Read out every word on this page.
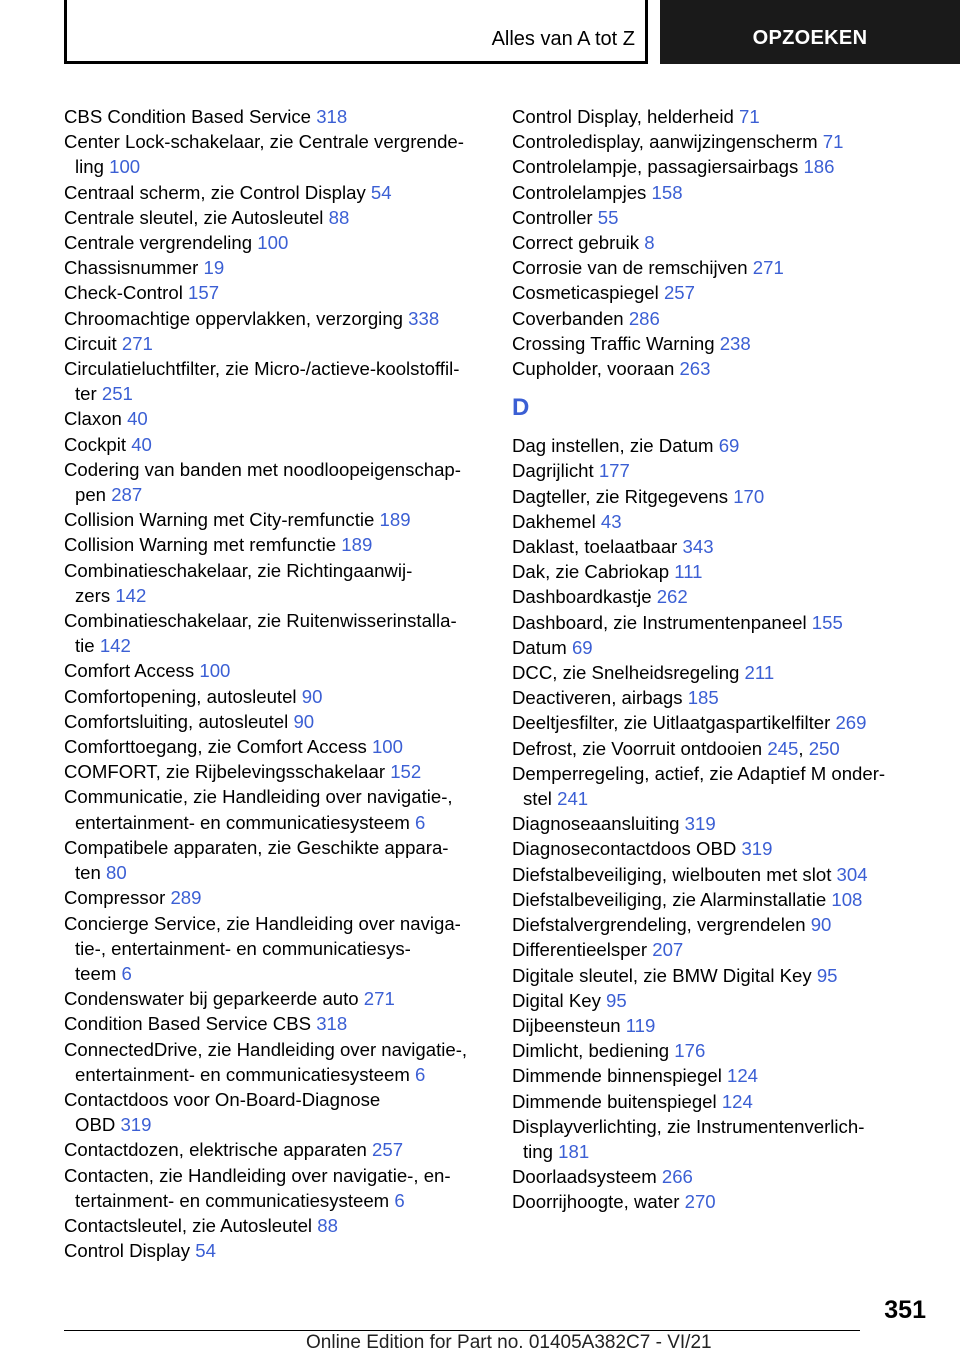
Alles van A tot Z	OPZOEKEN
CBS Condition Based Service 318
Center Lock-schakelaar, zie Centrale vergrende-
ling 100
Centraal scherm, zie Control Display 54
Centrale sleutel, zie Autosleutel 88
Centrale vergrendeling 100
Chassisnummer 19
Check-Control 157
Chroomachtige oppervlakken, verzorging 338
Circuit 271
Circulatieluchtfilter, zie Micro-/actieve-koolstoffil-
ter 251
Claxon 40
Cockpit 40
Codering van banden met noodloopeigenschap-
pen 287
Collision Warning met City-remfunctie 189
Collision Warning met remfunctie 189
Combinatieschakelaar, zie Richtingaanwij-
zers 142
Combinatieschakelaar, zie Ruitenwisserinstalla-
tie 142
Comfort Access 100
Comfortopening, autosleutel 90
Comfortsluiting, autosleutel 90
Comforttoegang, zie Comfort Access 100
COMFORT, zie Rijbelevingsschakelaar 152
Communicatie, zie Handleiding over navigatie-,
entertainment- en communicatiesysteem 6
Compatibele apparaten, zie Geschikte appara-
ten 80
Compressor 289
Concierge Service, zie Handleiding over naviga-
tie-, entertainment- en communicatiesys-
teem 6
Condenswater bij geparkeerde auto 271
Condition Based Service CBS 318
ConnectedDrive, zie Handleiding over navigatie-,
entertainment- en communicatiesysteem 6
Contactdoos voor On-Board-Diagnose
OBD 319
Contactdozen, elektrische apparaten 257
Contacten, zie Handleiding over navigatie-, en-
tertainment- en communicatiesysteem 6
Contactsleutel, zie Autosleutel 88
Control Display 54
Control Display, helderheid 71
Controledisplay, aanwijzingenscherm 71
Controlelampje, passagiersairbags 186
Controlelampjes 158
Controller 55
Correct gebruik 8
Corrosie van de remschijven 271
Cosmeticaspiegel 257
Coverbanden 286
Crossing Traffic Warning 238
Cupholder, vooraan 263
D
Dag instellen, zie Datum 69
Dagrijlicht 177
Dagteller, zie Ritgegevens 170
Dakhemel 43
Daklast, toelaatbaar 343
Dak, zie Cabriokap 111
Dashboardkastje 262
Dashboard, zie Instrumentenpaneel 155
Datum 69
DCC, zie Snelheidsregeling 211
Deactiveren, airbags 185
Deeltjesfilter, zie Uitlaatgaspartikelfilter 269
Defrost, zie Voorruit ontdooien 245, 250
Demperregeling, actief, zie Adaptief M onder-
stel 241
Diagnoseaansluiting 319
Diagnosecontactdoos OBD 319
Diefstalbeveiliging, wielbouten met slot 304
Diefstalbeveiliging, zie Alarminstallatie 108
Diefstalvergrendeling, vergrendelen 90
Differentieelsper 207
Digitale sleutel, zie BMW Digital Key 95
Digital Key 95
Dijbeensteun 119
Dimlicht, bediening 176
Dimmende binnenspiegel 124
Dimmende buitenspiegel 124
Displayverlichting, zie Instrumentenverlich-
ting 181
Doorlaadsysteem 266
Doorrijhoogte, water 270
351
Online Edition for Part no. 01405A382C7 - VI/21
